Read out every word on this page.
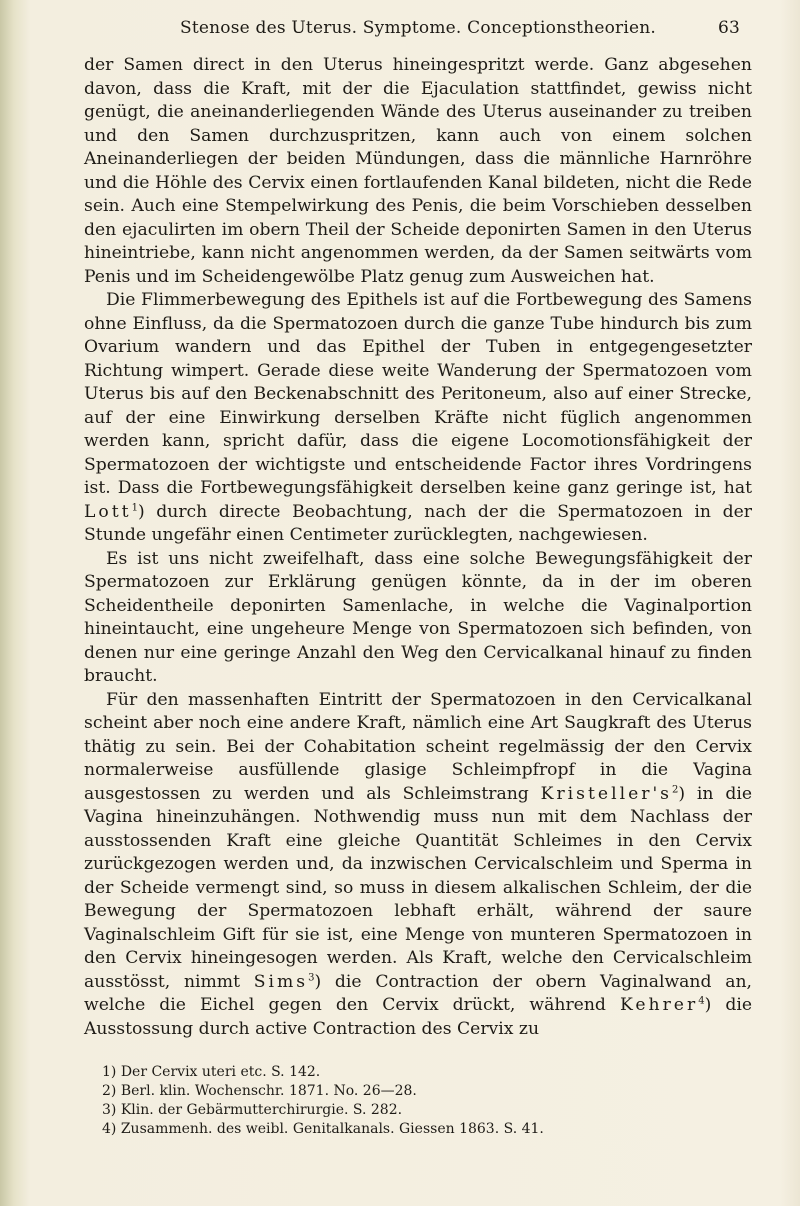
Stenose des Uterus. Symptome. Conceptionstheorien.	63

der Samen direct in den Uterus hineingespritzt werde. Ganz abgesehen davon, dass die Kraft, mit der die Ejaculation stattfindet, gewiss nicht genügt, die aneinanderliegenden Wände des Uterus auseinander zu treiben und den Samen durchzuspritzen, kann auch von einem solchen Aneinanderliegen der beiden Mündungen, dass die männliche Harnröhre und die Höhle des Cervix einen fortlaufenden Kanal bildeten, nicht die Rede sein. Auch eine Stempelwirkung des Penis, die beim Vorschieben desselben den ejaculirten im obern Theil der Scheide deponirten Samen in den Uterus hineintriebe, kann nicht angenommen werden, da der Samen seitwärts vom Penis und im Scheidengewölbe Platz genug zum Ausweichen hat.

Die Flimmerbewegung des Epithels ist auf die Fortbewegung des Samens ohne Einfluss, da die Spermatozoen durch die ganze Tube hindurch bis zum Ovarium wandern und das Epithel der Tuben in entgegengesetzter Richtung wimpert. Gerade diese weite Wanderung der Spermatozoen vom Uterus bis auf den Beckenabschnitt des Peritoneum, also auf einer Strecke, auf der eine Einwirkung derselben Kräfte nicht füglich angenommen werden kann, spricht dafür, dass die eigene Locomotionsfähigkeit der Spermatozoen der wichtigste und entscheidende Factor ihres Vordringens ist. Dass die Fortbewegungsfähigkeit derselben keine ganz geringe ist, hat Lott$^1$) durch directe Beobachtung, nach der die Spermatozoen in der Stunde ungefähr einen Centimeter zurücklegten, nachgewiesen.

Es ist uns nicht zweifelhaft, dass eine solche Bewegungsfähigkeit der Spermatozoen zur Erklärung genügen könnte, da in der im oberen Scheidentheile deponirten Samenlache, in welche die Vaginalportion hineintaucht, eine ungeheure Menge von Spermatozoen sich befinden, von denen nur eine geringe Anzahl den Weg den Cervicalkanal hinauf zu finden braucht.

Für den massenhaften Eintritt der Spermatozoen in den Cervicalkanal scheint aber noch eine andere Kraft, nämlich eine Art Saugkraft des Uterus thätig zu sein. Bei der Cohabitation scheint regelmässig der den Cervix normalerweise ausfüllende glasige Schleimpfropf in die Vagina ausgestossen zu werden und als Schleimstrang $Kristeller's^2$) in die Vagina hineinzuhängen. Nothwendig muss nun mit dem Nachlass der ausstossenden Kraft eine gleiche Quantität Schleimes in den Cervix zurückgezogen werden und, da inzwischen Cervicalschleim und Sperma in der Scheide vermengt sind, so muss in diesem alkalischen Schleim, der die Bewegung der Spermatozoen lebhaft erhält, während der saure Vaginalschleim Gift für sie ist, eine Menge von munteren Spermatozoen in den Cervix hineingesogen werden. Als Kraft, welche den Cervicalschleim ausstösst, nimmt Sims$^3$) die Contraction der obern Vaginalwand an, welche die Eichel gegen den Cervix drückt, während Kehrer$^4$) die Ausstossung durch active Contraction des Cervix zu

1) Der Cervix uteri etc. S. 142.
2) Berl. klin. Wochenschr. 1871. No. 26—28.
3) Klin. der Gebärmutterchirurgie. S. 282.
4) Zusammenh. des weibl. Genitalkanals. Giessen 1863. S. 41.
